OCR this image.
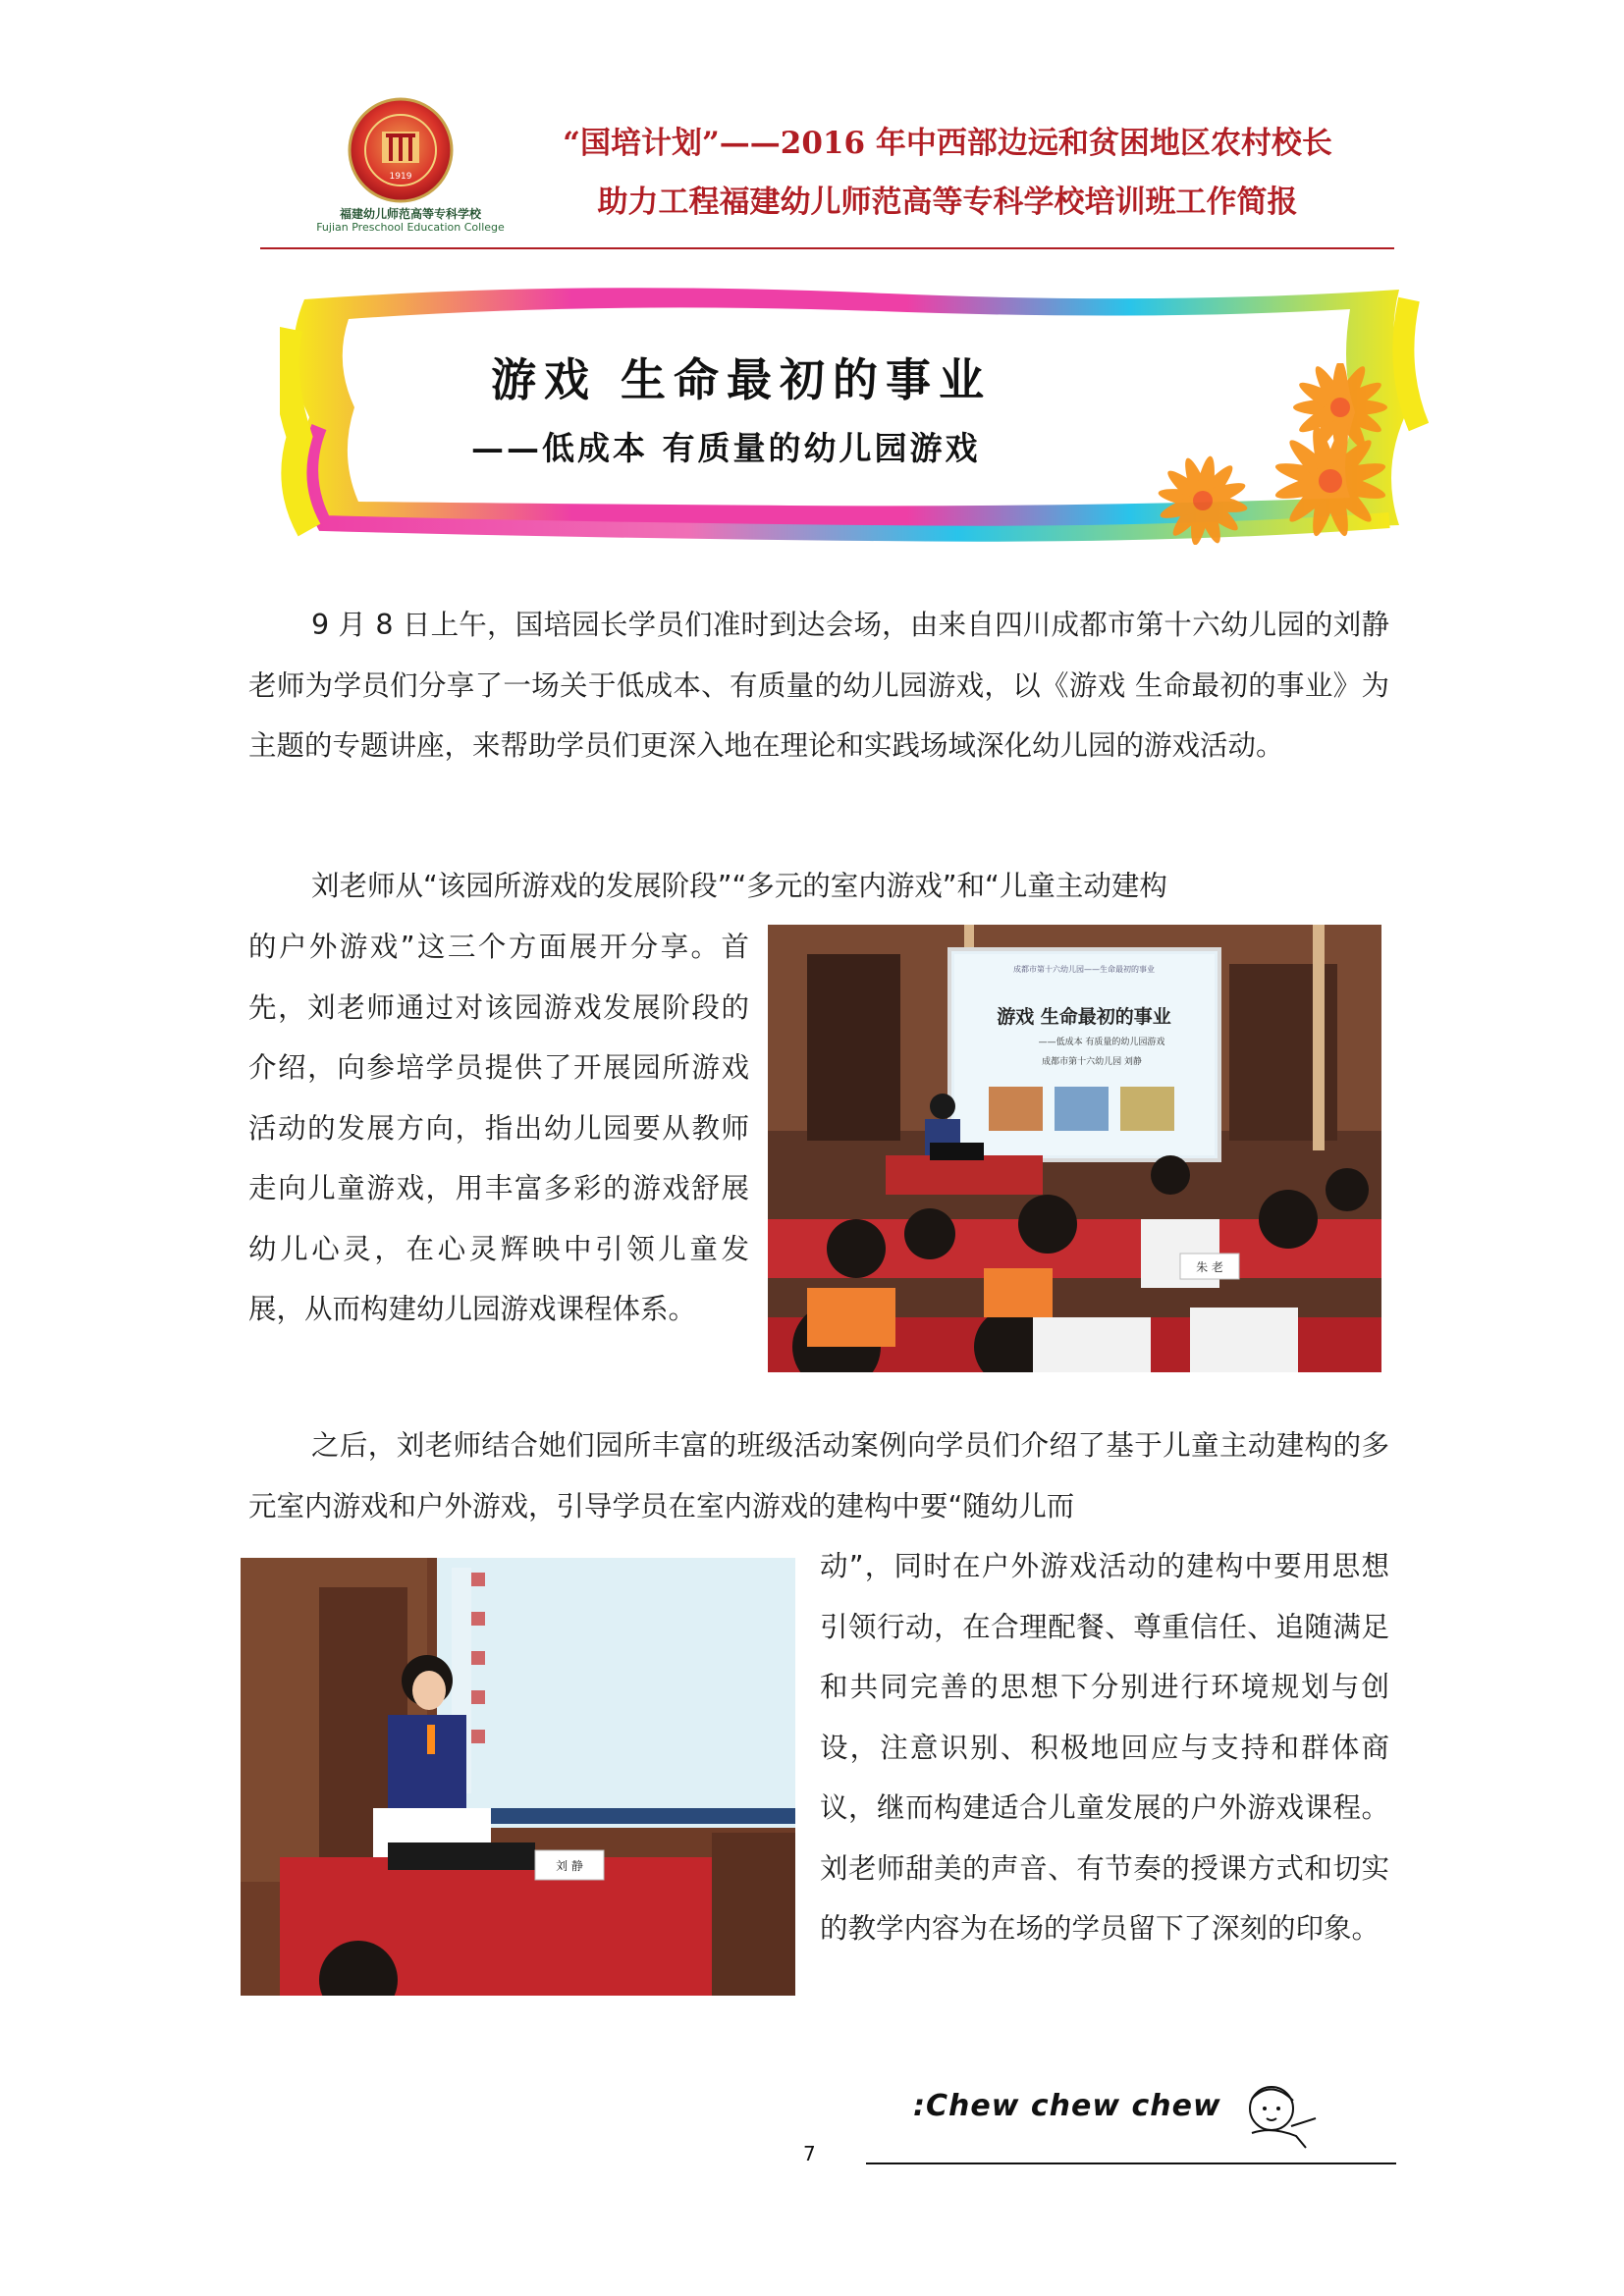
1919
福建幼儿师范高等专科学校
Fujian Preschool Education College
“国培计划”——2016 年中西部边远和贫困地区农村校长
助力工程福建幼儿师范高等专科学校培训班工作简报
游戏 生命最初的事业
——低成本 有质量的幼儿园游戏
9 月 8 日上午，国培园长学员们准时到达会场，由来自四川成都市第十六幼儿园的刘静老师为学员们分享了一场关于低成本、有质量的幼儿园游戏，以《游戏 生命最初的事业》为主题的专题讲座，来帮助学员们更深入地在理论和实践场域深化幼儿园的游戏活动。
刘老师从“该园所游戏的发展阶段”“多元的室内游戏”和“儿童主动建构
的户外游戏”这三个方面展开分享。首先，刘老师通过对该园游戏发展阶段的介绍，向参培学员提供了开展园所游戏活动的发展方向，指出幼儿园要从教师走向儿童游戏，用丰富多彩的游戏舒展幼儿心灵，在心灵辉映中引领儿童发展，从而构建幼儿园游戏课程体系。
成都市第十六幼儿园——生命最初的事业
游戏 生命最初的事业
——低成本 有质量的幼儿园游戏
成都市第十六幼儿园 刘静
朱 老
之后，刘老师结合她们园所丰富的班级活动案例向学员们介绍了基于儿童主动建构的多元室内游戏和户外游戏，引导学员在室内游戏的建构中要“随幼儿而
刘 静
动”，同时在户外游戏活动的建构中要用思想引领行动，在合理配餐、尊重信任、追随满足和共同完善的思想下分别进行环境规划与创设，注意识别、积极地回应与支持和群体商议，继而构建适合儿童发展的户外游戏课程。刘老师甜美的声音、有节奏的授课方式和切实的教学内容为在场的学员留下了深刻的印象。
:Chew chew chew
7
